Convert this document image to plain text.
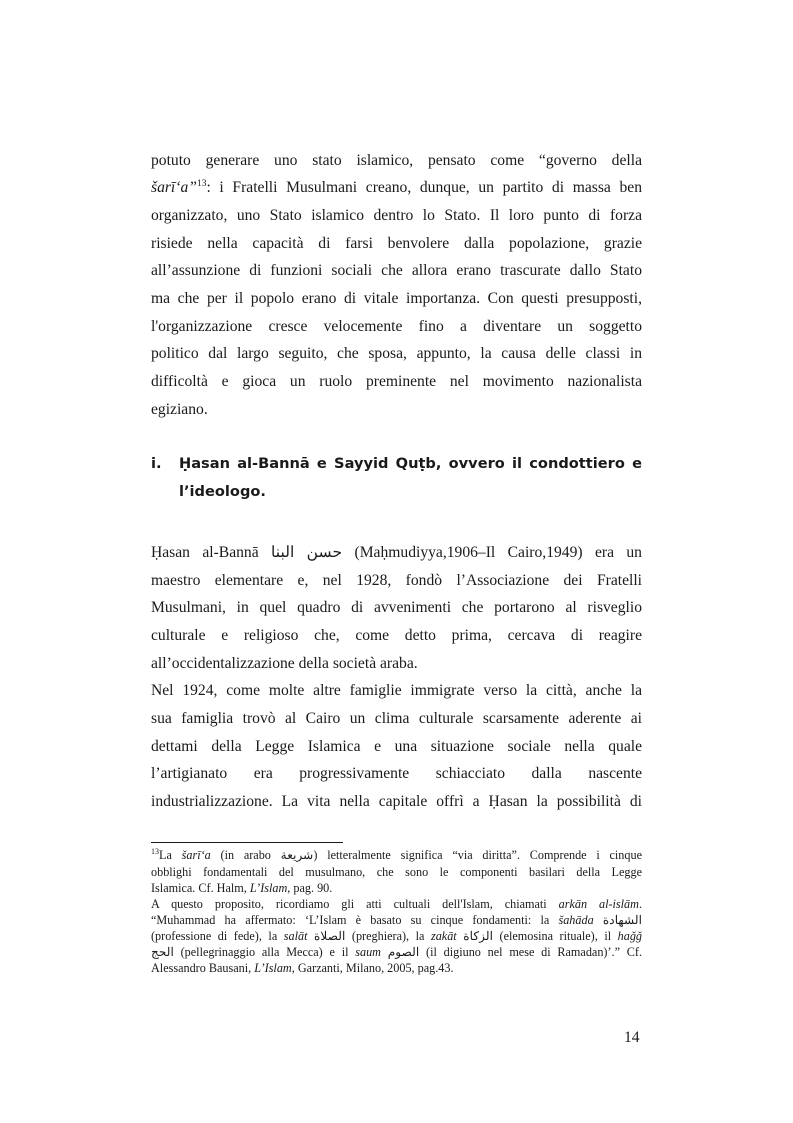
potuto generare uno stato islamico, pensato come “governo della
šarī‘a”$^{13}$: i Fratelli Musulmani creano, dunque, un partito di massa ben
organizzato, uno Stato islamico dentro lo Stato. Il loro punto di forza
risiede nella capacità di farsi benvolere dalla popolazione, grazie
all’assunzione di funzioni sociali che allora erano trascurate dallo Stato
ma che per il popolo erano di vitale importanza. Con questi presupposti,
l'organizzazione cresce velocemente fino a diventare un soggetto
politico dal largo seguito, che sposa, appunto, la causa delle classi in
difficoltà e gioca un ruolo preminente nel movimento nazionalista
egiziano.
i. Ḥasan al-Bannā e Sayyid Quṭb, ovvero il condottiero e
l’ideologo.
Ḥasan al-Bannā حسن البنا (Maḥmudiyya,1906–Il Cairo,1949) era un
maestro elementare e, nel 1928, fondò l’Associazione dei Fratelli
Musulmani, in quel quadro di avvenimenti che portarono al risveglio
culturale e religioso che, come detto prima, cercava di reagire
all’occidentalizzazione della società araba.
Nel 1924, come molte altre famiglie immigrate verso la città, anche la
sua famiglia trovò al Cairo un clima culturale scarsamente aderente ai
dettami della Legge Islamica e una situazione sociale nella quale
l’artigianato era progressivamente schiacciato dalla nascente
industrializzazione. La vita nella capitale offrì a Ḥasan la possibilità di
$^{13}$La šarī‘a (in arabo شريعة) letteralmente significa “via diritta”. Comprende i cinque
obblighi fondamentali del musulmano, che sono le componenti basilari della Legge
Islamica. Cf. Halm, L’Islam, pag. 90.
A questo proposito, ricordiamo gli atti cultuali dell'Islam, chiamati arkān al-islām.
“Muhammad ha affermato: ‘L’Islam è basato su cinque fondamenti: la šahāda الشهادة
(professione di fede), la salāt الصلاة (preghiera), la zakāt الزكاة (elemosina rituale), il haǧǧ
الحج (pellegrinaggio alla Mecca) e il saum الصوم (il digiuno nel mese di Ramadan)’.” Cf.
Alessandro Bausani, L’Islam, Garzanti, Milano, 2005, pag.43.
14
